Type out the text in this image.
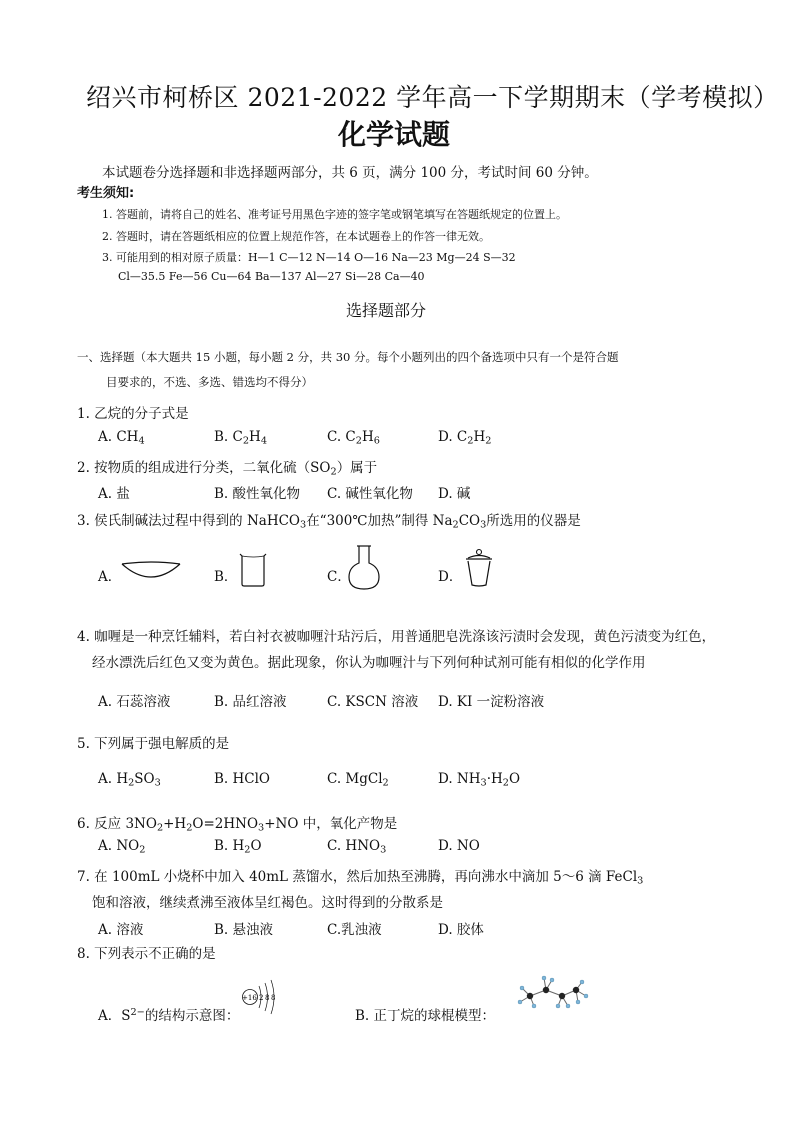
绍兴市柯桥区 2021-2022 学年高一下学期期末（学考模拟）
化学试题
本试题卷分选择题和非选择题两部分，共 6 页，满分 100 分，考试时间 60 分钟。
考生须知:
1. 答题前，请将自己的姓名、准考证号用黑色字迹的签字笔或钢笔填写在答题纸规定的位置上。
2. 答题时，请在答题纸相应的位置上规范作答，在本试题卷上的作答一律无效。
3. 可能用到的相对原子质量：H—1 C—12 N—14 O—16 Na—23 Mg—24 S—32
Cl—35.5 Fe—56 Cu—64 Ba—137 Al—27 Si—28 Ca—40
选择题部分
一、选择题（本大题共 15 小题，每小题 2 分，共 30 分。每个小题列出的四个备选项中只有一个是符合题
目要求的，不选、多选、错选均不得分）
1. 乙烷的分子式是
A. $CH_4$	B. $C_2H_4$	C. $C_2H_6$	D. $C_2H_2$
2. 按物质的组成进行分类，二氧化硫$(SO_2)$属于
A. 盐	B. 酸性氧化物 C. 碱性氧化物 D. 碱
3. 侯氏制碱法过程中得到的 NaHCO$_3$在“300℃加热”制得 $Na_2CO_3$所选用的仪器是
A．	B．	C．	D．
4. 咖喱是一种烹饪辅料，若白衬衣被咖喱汁玷污后，用普通肥皂洗涤该污渍时会发现，黄色污渍变为红色，
经水漂洗后红色又变为黄色。据此现象，你认为咖喱汁与下列何种试剂可能有相似的化学作用
A. 石蕊溶液	B. 品红溶液	C. KSCN 溶液 D. KI 一淀粉溶液
5. 下列属于强电解质的是
A. $H_2SO_3$	B. HClO	C. MgCl$_2$	D. $NH_3\cdot H_2O$
6. 反应 $3NO_2+H_2O=2HNO_3+NO$ 中，氧化产物是
A. $NO_2$	B. $H_2O$	C. $HNO_3$	D. NO
7. 在 100mL 小烧杯中加入 40mL 蒸馏水，然后加热至沸腾，再向沸水中滴加 5～6 滴 FeCl$_3$
饱和溶液，继续煮沸至液体呈红褐色。这时得到的分散系是
A. 溶液	B. 悬浊液	C.乳浊液	D. 胶体
8. 下列表示不正确的是
A．$S^{2-}$的结构示意图：
+16 2 8 8
B. 正丁烷的球棍模型：
